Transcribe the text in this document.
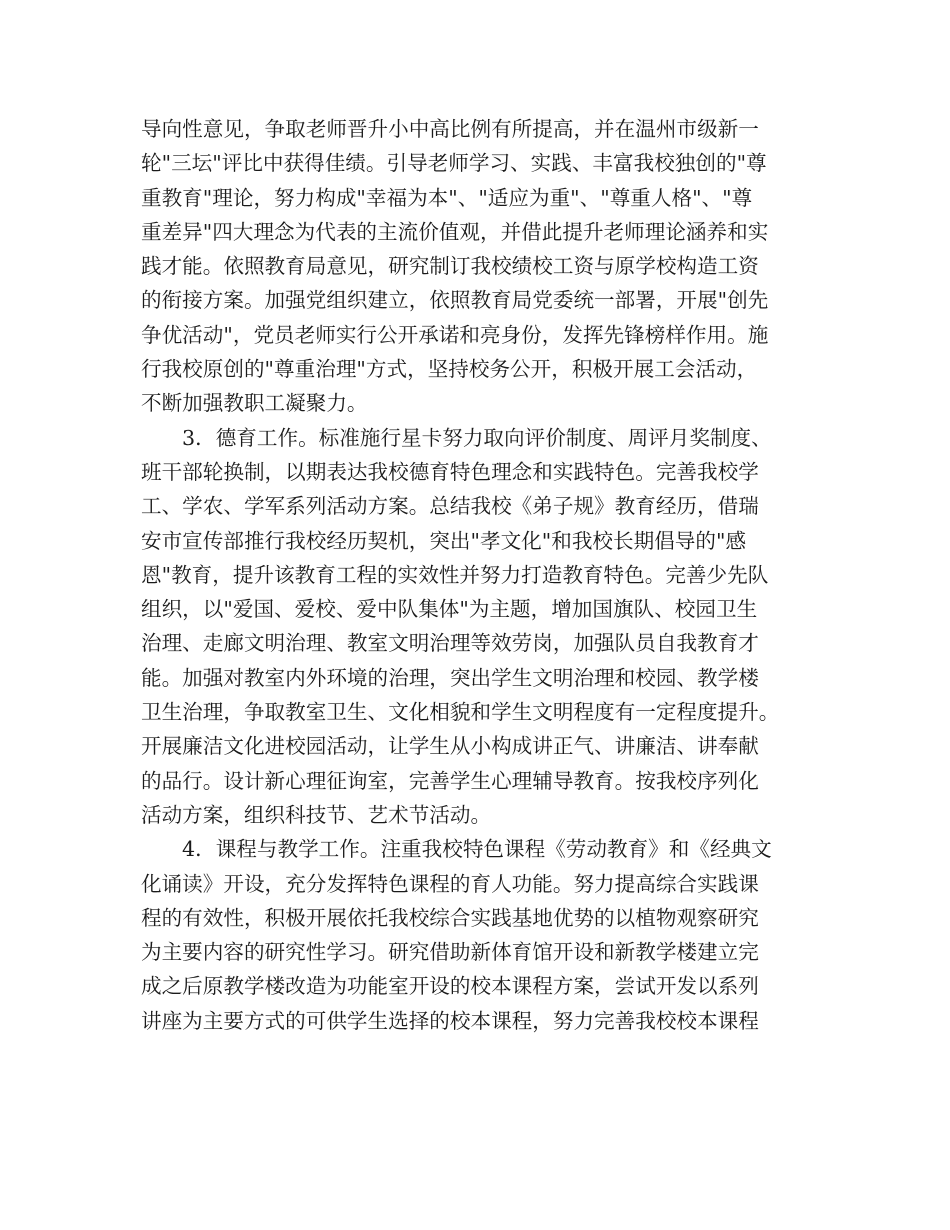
导向性意见，争取老师晋升小中高比例有所提高，并在温州市级新一
轮"三坛"评比中获得佳绩。引导老师学习、实践、丰富我校独创的"尊
重教育"理论，努力构成"幸福为本"、"适应为重"、"尊重人格"、"尊
重差异"四大理念为代表的主流价值观，并借此提升老师理论涵养和实
践才能。依照教育局意见，研究制订我校绩校工资与原学校构造工资
的衔接方案。加强党组织建立，依照教育局党委统一部署，开展"创先
争优活动"，党员老师实行公开承诺和亮身份，发挥先锋榜样作用。施
行我校原创的"尊重治理"方式，坚持校务公开，积极开展工会活动，
不断加强教职工凝聚力。
3．德育工作。标准施行星卡努力取向评价制度、周评月奖制度、
班干部轮换制，以期表达我校德育特色理念和实践特色。完善我校学
工、学农、学军系列活动方案。总结我校《弟子规》教育经历，借瑞
安市宣传部推行我校经历契机，突出"孝文化"和我校长期倡导的"感
恩"教育，提升该教育工程的实效性并努力打造教育特色。完善少先队
组织，以"爱国、爱校、爱中队集体"为主题，增加国旗队、校园卫生
治理、走廊文明治理、教室文明治理等效劳岗，加强队员自我教育才
能。加强对教室内外环境的治理，突出学生文明治理和校园、教学楼
卫生治理，争取教室卫生、文化相貌和学生文明程度有一定程度提升。
开展廉洁文化进校园活动，让学生从小构成讲正气、讲廉洁、讲奉献
的品行。设计新心理征询室，完善学生心理辅导教育。按我校序列化
活动方案，组织科技节、艺术节活动。
4．课程与教学工作。注重我校特色课程《劳动教育》和《经典文
化诵读》开设，充分发挥特色课程的育人功能。努力提高综合实践课
程的有效性，积极开展依托我校综合实践基地优势的以植物观察研究
为主要内容的研究性学习。研究借助新体育馆开设和新教学楼建立完
成之后原教学楼改造为功能室开设的校本课程方案，尝试开发以系列
讲座为主要方式的可供学生选择的校本课程，努力完善我校校本课程
